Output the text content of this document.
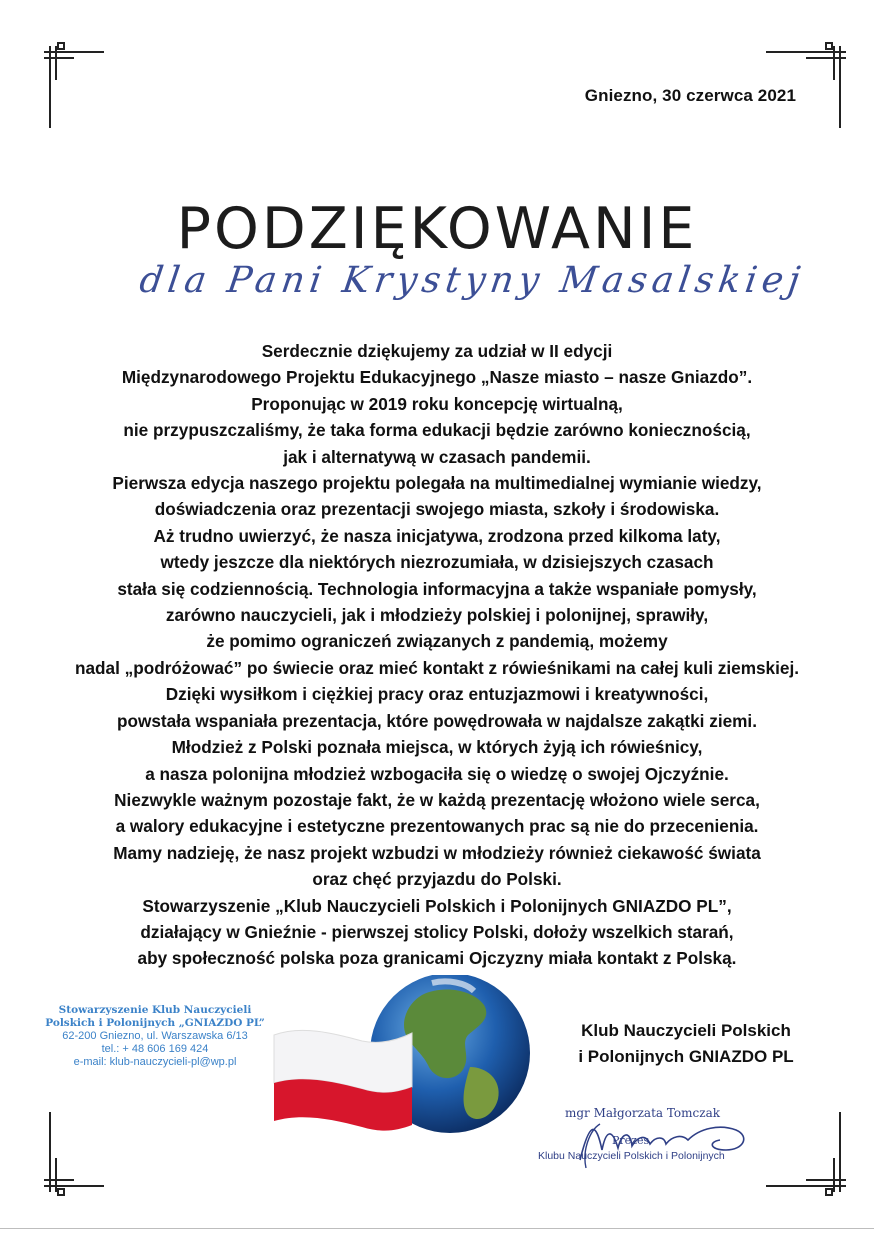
Gniezno, 30 czerwca 2021
PODZIĘKOWANIE
dla Pani Krystyny Masalskiej
Serdecznie dziękujemy za udział w II edycji
Międzynarodowego Projektu Edukacyjnego „Nasze miasto – nasze Gniazdo”.
Proponując w 2019 roku koncepcję wirtualną,
nie przypuszczaliśmy, że taka forma edukacji będzie zarówno koniecznością,
jak i alternatywą w czasach pandemii.
Pierwsza edycja naszego projektu polegała na multimedialnej wymianie wiedzy,
doświadczenia oraz prezentacji swojego miasta, szkoły i środowiska.
Aż trudno uwierzyć, że nasza inicjatywa, zrodzona przed kilkoma laty,
wtedy jeszcze dla niektórych niezrozumiała, w dzisiejszych czasach
stała się codziennością. Technologia informacyjna a także wspaniałe pomysły,
zarówno nauczycieli, jak i młodzieży polskiej i polonijnej, sprawiły,
że pomimo ograniczeń związanych z pandemią, możemy
nadal „podróżować” po świecie oraz mieć kontakt z rówieśnikami na całej kuli ziemskiej.
Dzięki wysiłkom i ciężkiej pracy oraz entuzjazmowi i kreatywności,
powstała wspaniała prezentacja, które powędrowała w najdalsze zakątki ziemi.
Młodzież z Polski poznała miejsca, w których żyją ich rówieśnicy,
a nasza polonijna młodzież wzbogaciła się o wiedzę o swojej Ojczyźnie.
Niezwykle ważnym pozostaje fakt, że w każdą prezentację włożono wiele serca,
a walory edukacyjne i estetyczne prezentowanych prac są nie do przecenienia.
Mamy nadzieję, że nasz projekt wzbudzi w młodzieży również ciekawość świata
oraz chęć przyjazdu do Polski.
Stowarzyszenie „Klub Nauczycieli Polskich i Polonijnych GNIAZDO PL”,
działający w Gnieźnie - pierwszej stolicy Polski, dołoży wszelkich starań,
aby społeczność polska poza granicami Ojczyzny miała kontakt z Polską.
Stowarzyszenie Klub Nauczycieli
Polskich i Polonijnych „GNIAZDO PL”
62-200 Gniezno, ul. Warszawska 6/13
tel.: + 48 606 169 424
e-mail: klub-nauczycieli-pl@wp.pl
Klub Nauczycieli Polskich
i Polonijnych GNIAZDO PL
mgr Małgorzata Tomczak
Prezes
Klubu Nauczycieli Polskich i Polonijnych
